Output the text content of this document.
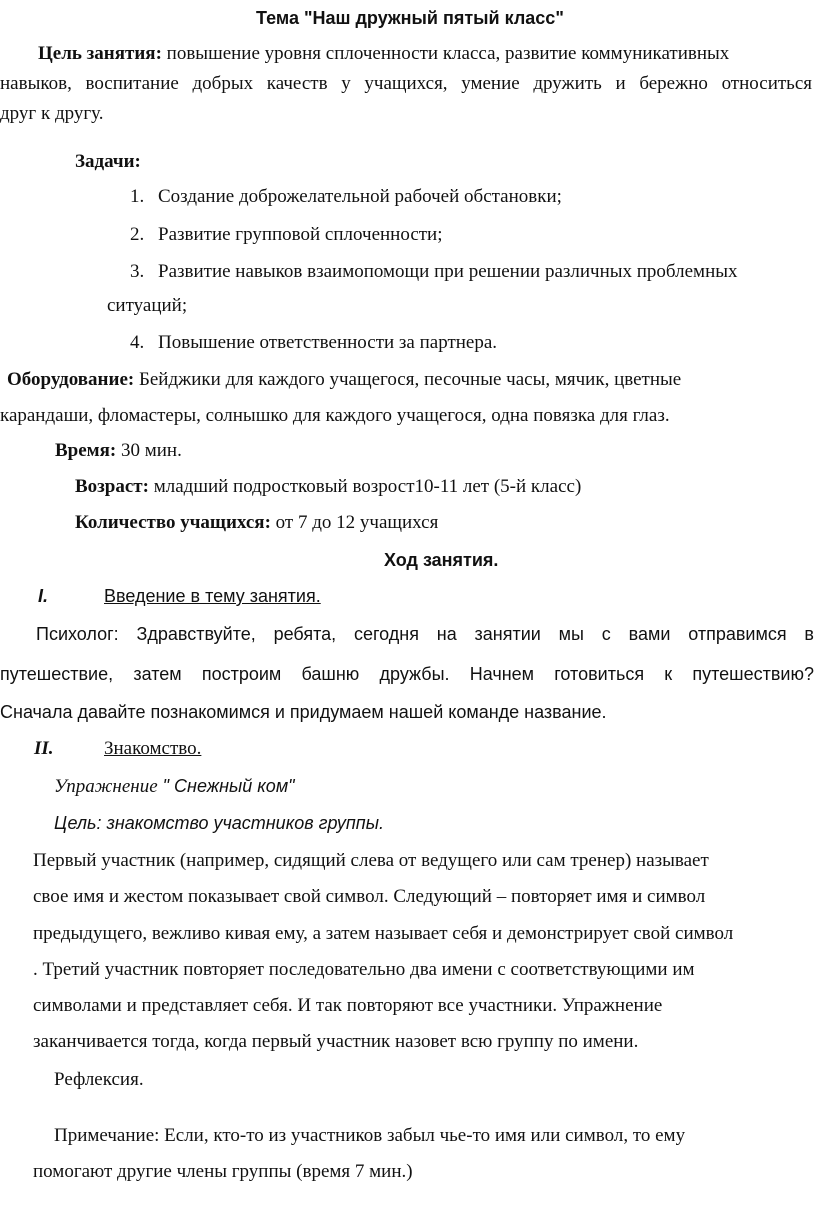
Тема "Наш дружный пятый класс"
Цель занятия: повышение уровня сплоченности класса, развитие коммуникативных
навыков, воспитание добрых качеств у учащихся, умение дружить и бережно относиться
друг к другу.
Задачи:
1. Создание доброжелательной рабочей обстановки;
2. Развитие групповой сплоченности;
3. Развитие навыков взаимопомощи при решении различных проблемных
ситуаций;
4. Повышение ответственности за партнера.
Оборудование: Бейджики для каждого учащегося, песочные часы, мячик, цветные
карандаши, фломастеры, солнышко для каждого учащегося, одна повязка для глаз.
Время: 30 мин.
Возраст: младший подростковый возрост10-11 лет (5-й класс)
Количество учащихся: от 7 до 12 учащихся
Ход занятия.
I.	Введение в тему занятия.
Психолог: Здравствуйте, ребята, сегодня на занятии мы с вами отправимся в
путешествие, затем построим башню дружбы. Начнем готовиться к путешествию?
Сначала давайте познакомимся и придумаем нашей команде название.
II.	Знакомство.
Упражнение " Снежный ком"
Цель: знакомство участников группы.
Первый участник (например, сидящий слева от ведущего или сам тренер) называет
свое имя и жестом показывает свой символ. Следующий – повторяет имя и символ
предыдущего, вежливо кивая ему, а затем называет себя и демонстрирует свой символ
. Третий участник повторяет последовательно два имени с соответствующими им
символами и представляет себя. И так повторяют все участники. Упражнение
заканчивается тогда, когда первый участник назовет всю группу по имени.
Рефлексия.
Примечание: Если, кто-то из участников забыл чье-то имя или символ, то ему
помогают другие члены группы (время 7 мин.)
